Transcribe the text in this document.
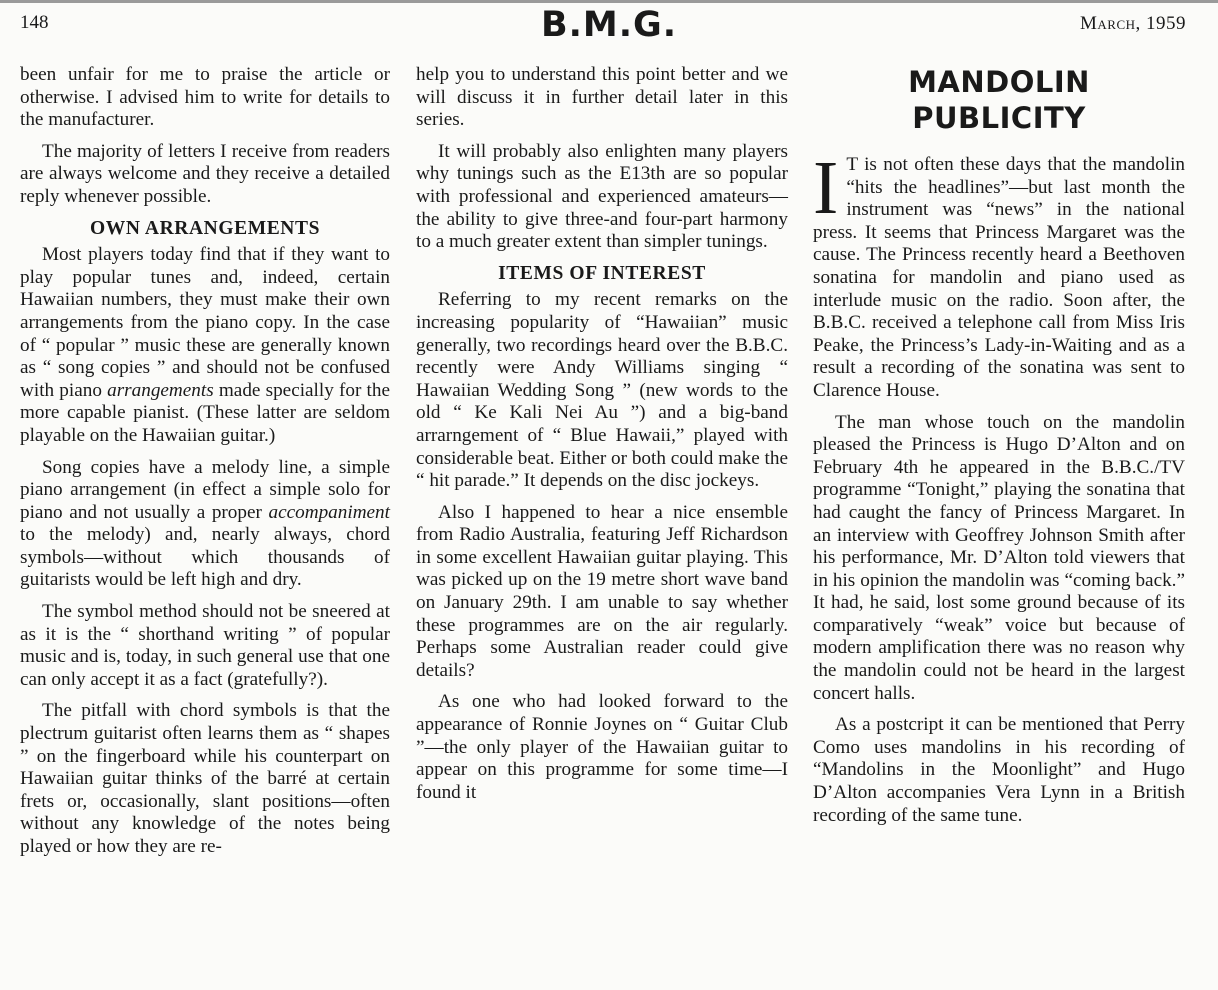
148	B.M.G.	March, 1959

been unfair for me to praise the article or otherwise. I advised him to write for details to the manufacturer.

The majority of letters I receive from readers are always welcome and they receive a detailed reply whenever possible.

OWN ARRANGEMENTS

Most players today find that if they want to play popular tunes and, indeed, certain Hawaiian numbers, they must make their own arrangements from the piano copy. In the case of “ popular ” music these are generally known as “ song copies ” and should not be confused with piano arrangements made specially for the more capable pianist. (These latter are seldom playable on the Hawaiian guitar.)

Song copies have a melody line, a simple piano arrangement (in effect a simple solo for piano and not usually a proper accompaniment to the melody) and, nearly always, chord symbols—without which thousands of guitarists would be left high and dry.

The symbol method should not be sneered at as it is the “ shorthand writing ” of popular music and is, today, in such general use that one can only accept it as a fact (gratefully?).

The pitfall with chord symbols is that the plectrum guitarist often learns them as “ shapes ” on the fingerboard while his counterpart on Hawaiian guitar thinks of the barré at certain frets or, occasionally, slant positions—often without any knowledge of the notes being played or how they are re-

help you to understand this point better and we will discuss it in further detail later in this series.

It will probably also enlighten many players why tunings such as the E13th are so popular with professional and experienced amateurs—the ability to give three-and four-part harmony to a much greater extent than simpler tunings.

ITEMS OF INTEREST

Referring to my recent remarks on the increasing popularity of “Hawaiian” music generally, two recordings heard over the B.B.C. recently were Andy Williams singing “ Hawaiian Wedding Song ” (new words to the old “ Ke Kali Nei Au ”) and a big-band arrarngement of “ Blue Hawaii,” played with considerable beat. Either or both could make the “ hit parade.” It depends on the disc jockeys.

Also I happened to hear a nice ensemble from Radio Australia, featuring Jeff Richardson in some excellent Hawaiian guitar playing. This was picked up on the 19 metre short wave band on January 29th. I am unable to say whether these programmes are on the air regularly. Perhaps some Australian reader could give details?

As one who had looked forward to the appearance of Ronnie Joynes on “ Guitar Club ”—the only player of the Hawaiian guitar to appear on this programme for some time—I found it

MANDOLIN
PUBLICITY

I T is not often these days that the mandolin “hits the headlines”—but last month the instrument was “news” in the national press. It seems that Princess Margaret was the cause. The Princess recently heard a Beethoven sonatina for mandolin and piano used as interlude music on the radio. Soon after, the B.B.C. received a telephone call from Miss Iris Peake, the Princess’s Lady-in-Waiting and as a result a recording of the sonatina was sent to Clarence House.

The man whose touch on the mandolin pleased the Princess is Hugo D’Alton and on February 4th he appeared in the B.B.C./TV programme “Tonight,” playing the sonatina that had caught the fancy of Princess Margaret. In an interview with Geoffrey Johnson Smith after his performance, Mr. D’Alton told viewers that in his opinion the mandolin was “coming back.” It had, he said, lost some ground because of its comparatively “weak” voice but because of modern amplification there was no reason why the mandolin could not be heard in the largest concert halls.

As a postcript it can be mentioned that Perry Como uses mandolins in his recording of “Mandolins in the Moonlight” and Hugo D’Alton accompanies Vera Lynn in a British recording of the same tune.
